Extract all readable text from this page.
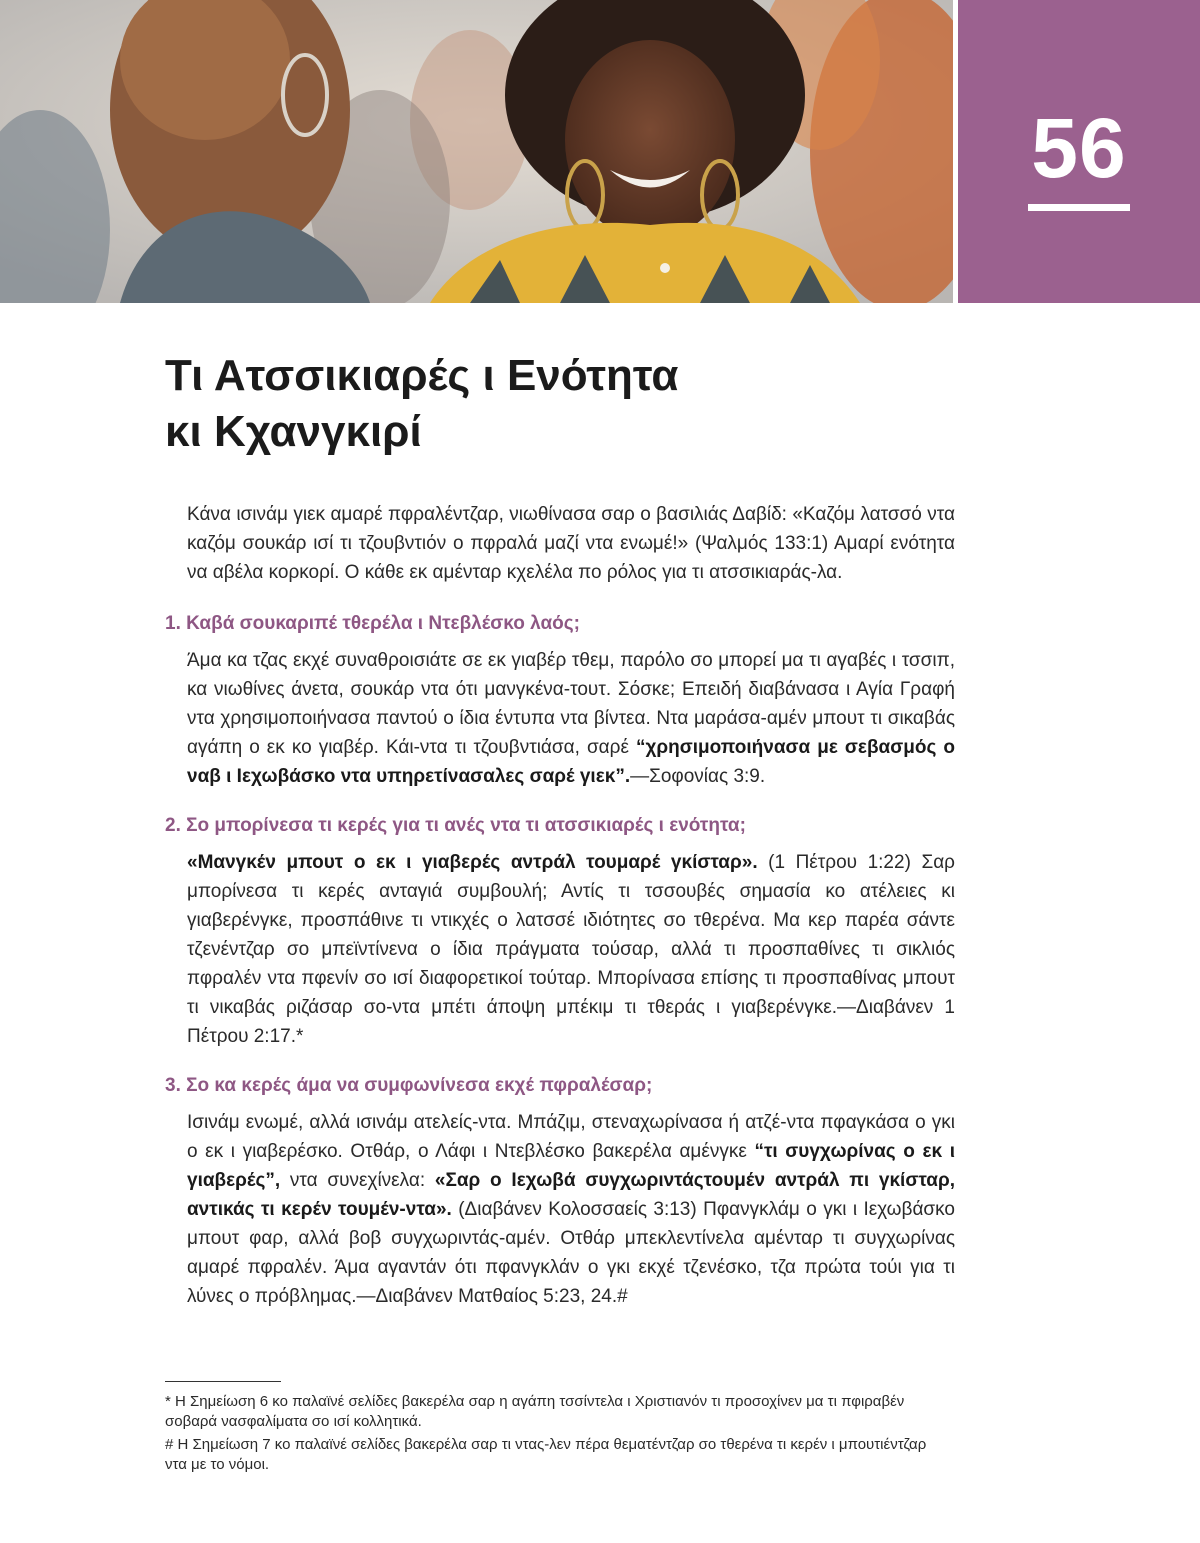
56
Τι Ατσσικιαρές ι Ενότητα
κι Κχανγκιρί

Κάνα ισινάμ γιεκ αμαρέ πφραλέντζαρ, νιωθίνασα σαρ ο βασιλιάς Δαβίδ: «Καζόμ λατσσό ντα καζόμ σουκάρ ισί τι τζουβντιόν ο πφραλά μαζί ντα ενωμέ!» (Ψαλμός 133:1) Αμαρί ενότητα να αβέλα κορκορί. Ο κάθε εκ αμένταρ κχελέλα πο ρόλος για τι ατσσικιαράς-λα.

1. Καβά σουκαριπέ τθερέλα ι Ντεβλέσκο λαός;

Άμα κα τζας εκχέ συναθροισιάτε σε εκ γιαβέρ τθεμ, παρόλο σο μπορεί μα τι αγαβές ι τσσιπ, κα νιωθίνες άνετα, σουκάρ ντα ότι μανγκένα-τουτ. Σόσκε; Επειδή διαβάνασα ι Αγία Γραφή ντα χρησιμοποιήνασα παντού ο ίδια έντυπα ντα βίντεα. Ντα μαράσα-αμέν μπουτ τι σικαβάς αγάπη ο εκ κο γιαβέρ. Κάι-ντα τι τζουβντιάσα, σαρέ “χρησιμοποιήνασα με σεβασμός ο ναβ ι Ιεχωβάσκο ντα υπηρετίνασαλες σαρέ γιεκ”.—Σοφονίας 3:9.

2. Σο μπορίνεσα τι κερές για τι ανές ντα τι ατσσικιαρές ι ενότητα;

«Μανγκέν μπουτ ο εκ ι γιαβερές αντράλ τουμαρέ γκίσταρ». (1 Πέτρου 1:22) Σαρ μπορίνεσα τι κερές ανταγιά συμβουλή; Αντίς τι τσσουβές σημασία κο ατέλειες κι γιαβερένγκε, προσπάθινε τι ντικχές ο λατσσέ ιδιότητες σο τθερένα. Μα κερ παρέα σάντε τζενέντζαρ σο μπεϊντίνενα ο ίδια πράγματα τούσαρ, αλλά τι προσπαθίνες τι σικλιός πφραλέν ντα πφενίν σο ισί διαφορετικοί τούταρ. Μπορίνασα επίσης τι προσπαθίνας μπουτ τι νικαβάς ριζάσαρ σο-ντα μπέτι άποψη μπέκιμ τι τθεράς ι γιαβερένγκε.—Διαβάνεν 1 Πέτρου 2:17.*

3. Σο κα κερές άμα να συμφωνίνεσα εκχέ πφραλέσαρ;

Ισινάμ ενωμέ, αλλά ισινάμ ατελείς-ντα. Μπάζιμ, στεναχωρίνασα ή ατζέ-ντα πφαγκάσα ο γκι ο εκ ι γιαβερέσκο. Οτθάρ, ο Λάφι ι Ντεβλέσκο βακερέλα αμένγκε “τι συγχωρίνας ο εκ ι γιαβερές”, ντα συνεχίνελα: «Σαρ ο Ιεχωβά συγχωριντάςτουμέν αντράλ πι γκίσταρ, αντικάς τι κερέν τουμέν-ντα». (Διαβάνεν Κολοσσαείς 3:13) Πφανγκλάμ ο γκι ι Ιεχωβάσκο μπουτ φαρ, αλλά βοβ συγχωριντάς-αμέν. Οτθάρ μπεκλεντίνελα αμένταρ τι συγχωρίνας αμαρέ πφραλέν. Άμα αγαντάν ότι πφανγκλάν ο γκι εκχέ τζενέσκο, τζα πρώτα τούι για τι λύνες ο πρόβλημας.—Διαβάνεν Ματθαίος 5:23, 24.#

* Η Σημείωση 6 κο παλαϊνέ σελίδες βακερέλα σαρ η αγάπη τσσίντελα ι Χριστιανόν τι προσοχίνεν μα τι πφιραβέν σοβαρά νασφαλίματα σο ισί κολλητικά.

# Η Σημείωση 7 κο παλαϊνέ σελίδες βακερέλα σαρ τι ντας-λεν πέρα θεματέντζαρ σο τθερένα τι κερέν ι μπουτιέντζαρ ντα με το νόμοι.
